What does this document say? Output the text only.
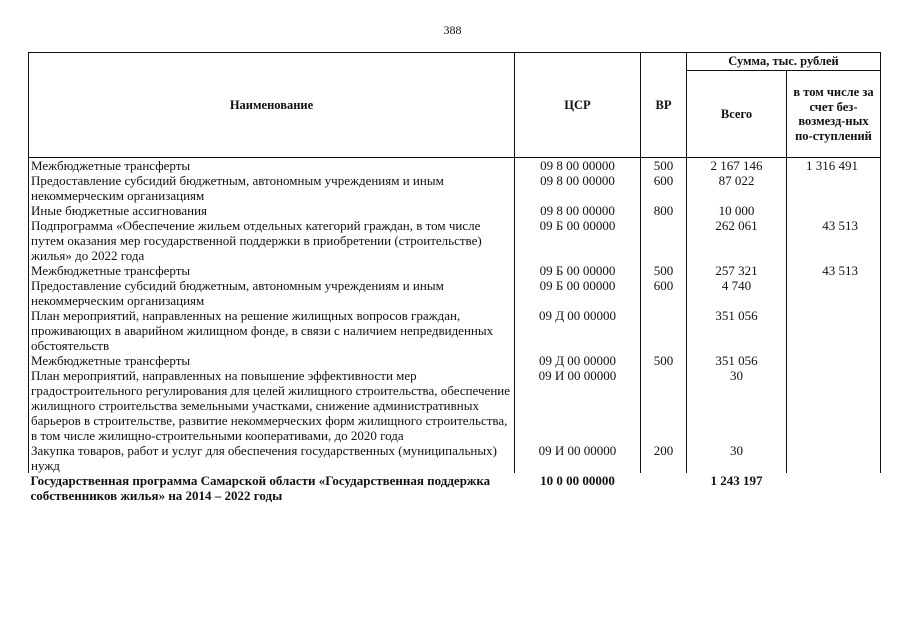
388
Наименование	ЦСР	ВР	Сумма, тыс. рублей	
			Всего	в том числе за счет без-возмезд-ных по-ступлений
Межбюджетные трансферты	09 8 00 00000	500	2 167 146	1 316 491
Предоставление субсидий бюджетным, автономным учреждениям и иным некоммерческим организациям	09 8 00 00000	600	87 022	
Иные бюджетные ассигнования	09 8 00 00000	800	10 000	
Подпрограмма «Обеспечение жильем отдельных категорий граждан, в том числе путем оказания мер государственной поддержки в приобретении (строительстве) жилья» до 2022 года	09 Б 00 00000		262 061	43 513
Межбюджетные трансферты	09 Б 00 00000	500	257 321	43 513
Предоставление субсидий бюджетным, автономным учреждениям и иным некоммерческим организациям	09 Б 00 00000	600	4 740	
План мероприятий, направленных на решение жилищных вопросов граждан, проживающих в аварийном жилищном фонде, в связи с наличием непредвиденных обстоятельств	09 Д 00 00000		351 056	
Межбюджетные трансферты	09 Д 00 00000	500	351 056	
План мероприятий, направленных на повышение эффективности мер градостроительного регулирования для целей жилищного строительства, обеспечение жилищного строительства земельными участками, снижение административных барьеров в строительстве, развитие некоммерческих форм жилищного строительства, в том числе жилищно-строительными кооперативами, до 2020 года	09 И 00 00000		30	
Закупка товаров, работ и услуг для обеспечения государственных (муниципальных) нужд	09 И 00 00000	200	30	
Государственная программа Самарской области «Государственная поддержка собственников жилья» на 2014 – 2022 годы	10 0 00 00000		1 243 197	
